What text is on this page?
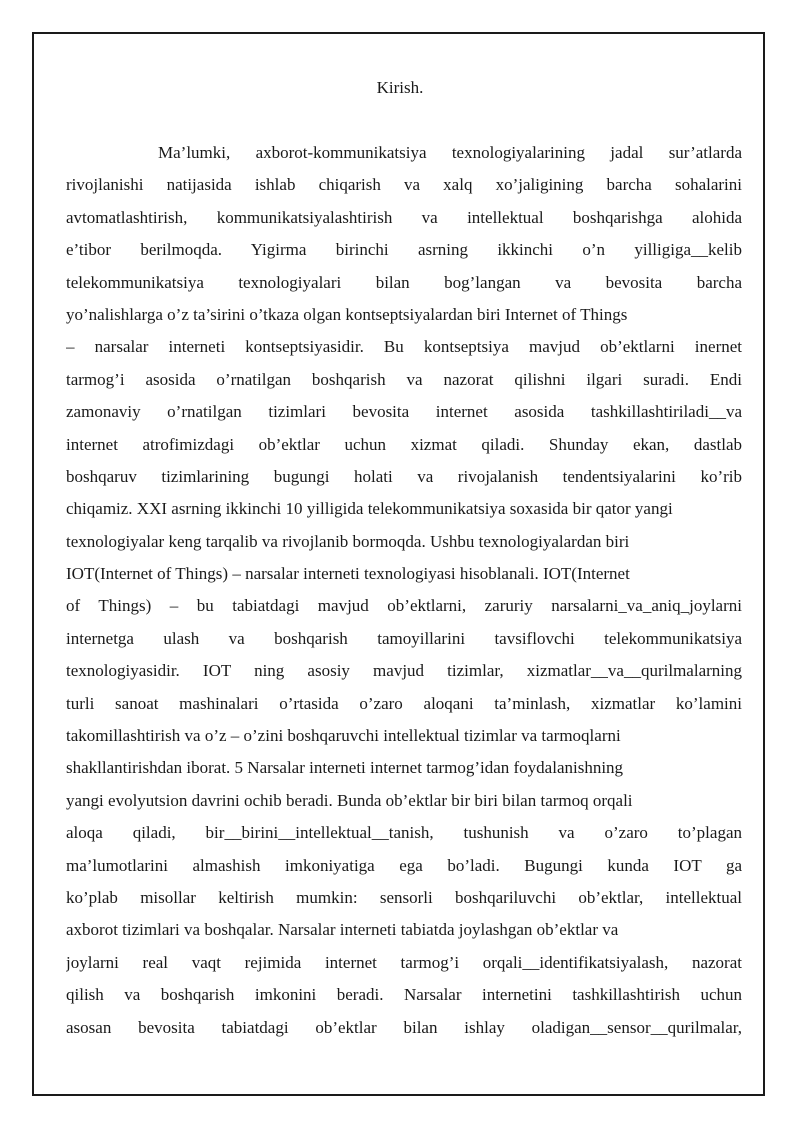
Kirish.
Ma’lumki, axborot-kommunikatsiya texnologiyalarining jadal sur’atlarda
rivojlanishi natijasida ishlab chiqarish va xalq xo’jaligining barcha sohalarini
avtomatlashtirish, kommunikatsiyalashtirish va intellektual boshqarishga alohida
e’tibor berilmoqda. Yigirma birinchi asrning ikkinchi o’n yilligiga__kelib
telekommunikatsiya texnologiyalari bilan bog’langan va bevosita barcha
yo’nalishlarga o’z ta’sirini o’tkaza olgan kontseptsiyalardan biri Internet of Things
– narsalar interneti kontseptsiyasidir. Bu kontseptsiya mavjud ob’ektlarni inernet
tarmog’i asosida o’rnatilgan boshqarish va nazorat qilishni ilgari suradi. Endi
zamonaviy o’rnatilgan tizimlari bevosita internet asosida tashkillashtiriladi__va
internet atrofimizdagi ob’ektlar uchun xizmat qiladi. Shunday ekan, dastlab
boshqaruv tizimlarining bugungi holati va rivojalanish tendentsiyalarini ko’rib
chiqamiz. XXI asrning ikkinchi 10 yilligida telekommunikatsiya soxasida bir qator yangi
texnologiyalar keng tarqalib va rivojlanib bormoqda. Ushbu texnologiyalardan biri
IOT(Internet of Things) – narsalar interneti texnologiyasi hisoblanali. IOT(Internet
of Things) – bu tabiatdagi mavjud ob’ektlarni, zaruriy narsalarni_va_aniq_joylarni
internetga ulash va boshqarish tamoyillarini tavsiflovchi telekommunikatsiya
texnologiyasidir. IOT ning asosiy mavjud tizimlar, xizmatlar__va__qurilmalarning
turli sanoat mashinalari o’rtasida o’zaro aloqani ta’minlash, xizmatlar ko’lamini
takomillashtirish va o’z – o’zini boshqaruvchi intellektual tizimlar va tarmoqlarni
shakllantirishdan iborat. 5 Narsalar interneti internet tarmog’idan foydalanishning
yangi evolyutsion davrini ochib beradi. Bunda ob’ektlar bir biri bilan tarmoq orqali
aloqa qiladi, bir__birini__intellektual__tanish, tushunish va o’zaro to’plagan
ma’lumotlarini almashish imkoniyatiga ega bo’ladi. Bugungi kunda IOT ga
ko’plab misollar keltirish mumkin: sensorli boshqariluvchi ob’ektlar, intellektual
axborot tizimlari va boshqalar. Narsalar interneti tabiatda joylashgan ob’ektlar va
joylarni real vaqt rejimida internet tarmog’i orqali__identifikatsiyalash, nazorat
qilish va boshqarish imkonini beradi. Narsalar internetini tashkillashtirish uchun
asosan bevosita tabiatdagi ob’ektlar bilan ishlay oladigan__sensor__qurilmalar,
